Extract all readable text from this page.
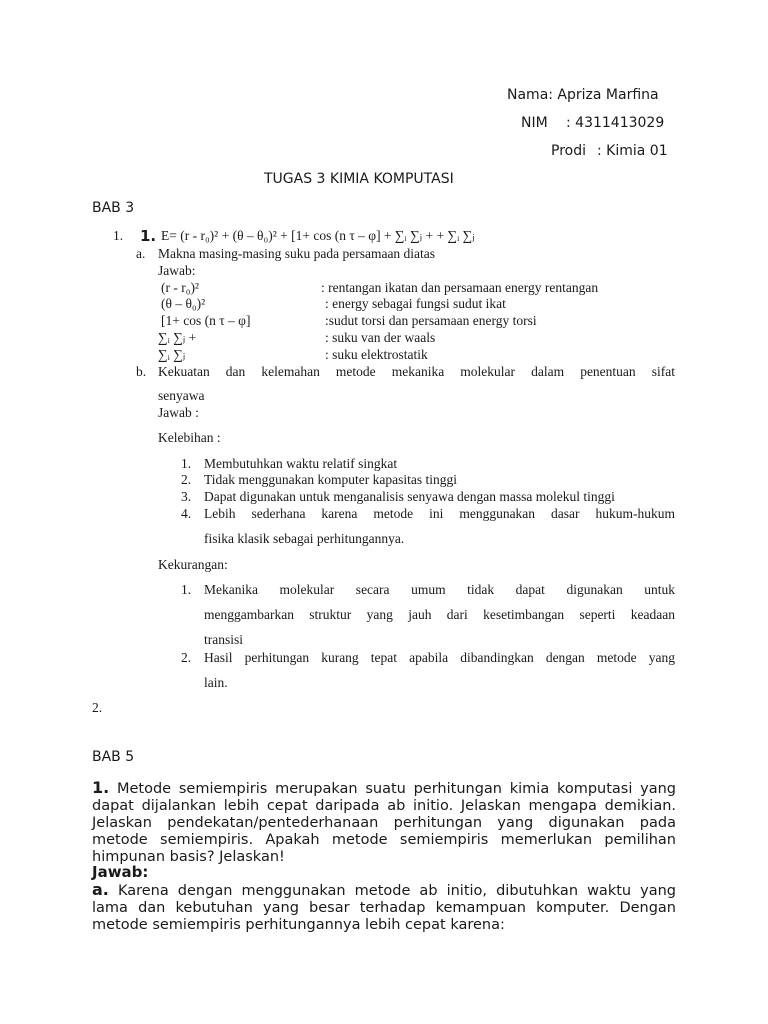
Nama: Apriza Marfina
NIM : 4311413029
Prodi : Kimia 01
TUGAS 3 KIMIA KOMPUTASI
BAB 3
1. 1. E= (r - r₀)² + (θ – θ₀)² + [1+ cos (n τ – φ] + ∑ᵢ ∑ⱼ + + ∑ᵢ ∑ⱼ
a. Makna masing-masing suku pada persamaan diatas
Jawab:
(r - r₀)²	: rentangan ikatan dan persamaan energy rentangan
(θ – θ₀)²	: energy sebagai fungsi sudut ikat
[1+ cos (n τ – φ]	:sudut torsi dan persamaan energy torsi
∑ᵢ ∑ⱼ +	: suku van der waals
∑ᵢ ∑ⱼ	: suku elektrostatik
b. Kekuatan dan kelemahan metode mekanika molekular dalam penentuan sifat
senyawa
Jawab :
Kelebihan :
1. Membutuhkan waktu relatif singkat
2. Tidak menggunakan komputer kapasitas tinggi
3. Dapat digunakan untuk menganalisis senyawa dengan massa molekul tinggi
4. Lebih sederhana karena metode ini menggunakan dasar hukum-hukum
fisika klasik sebagai perhitungannya.
Kekurangan:
1. Mekanika molekular secara umum tidak dapat digunakan untuk
menggambarkan struktur yang jauh dari kesetimbangan seperti keadaan
transisi
2. Hasil perhitungan kurang tepat apabila dibandingkan dengan metode yang
lain.
2.
BAB 5
1. Metode semiempiris merupakan suatu perhitungan kimia komputasi yang dapat dijalankan lebih cepat daripada ab initio. Jelaskan mengapa demikian. Jelaskan pendekatan/pentederhanaan perhitungan yang digunakan pada metode semiempiris. Apakah metode semiempiris memerlukan pemilihan himpunan basis? Jelaskan!
Jawab:
a. Karena dengan menggunakan metode ab initio, dibutuhkan waktu yang lama dan kebutuhan yang besar terhadap kemampuan komputer. Dengan metode semiempiris perhitungannya lebih cepat karena:
